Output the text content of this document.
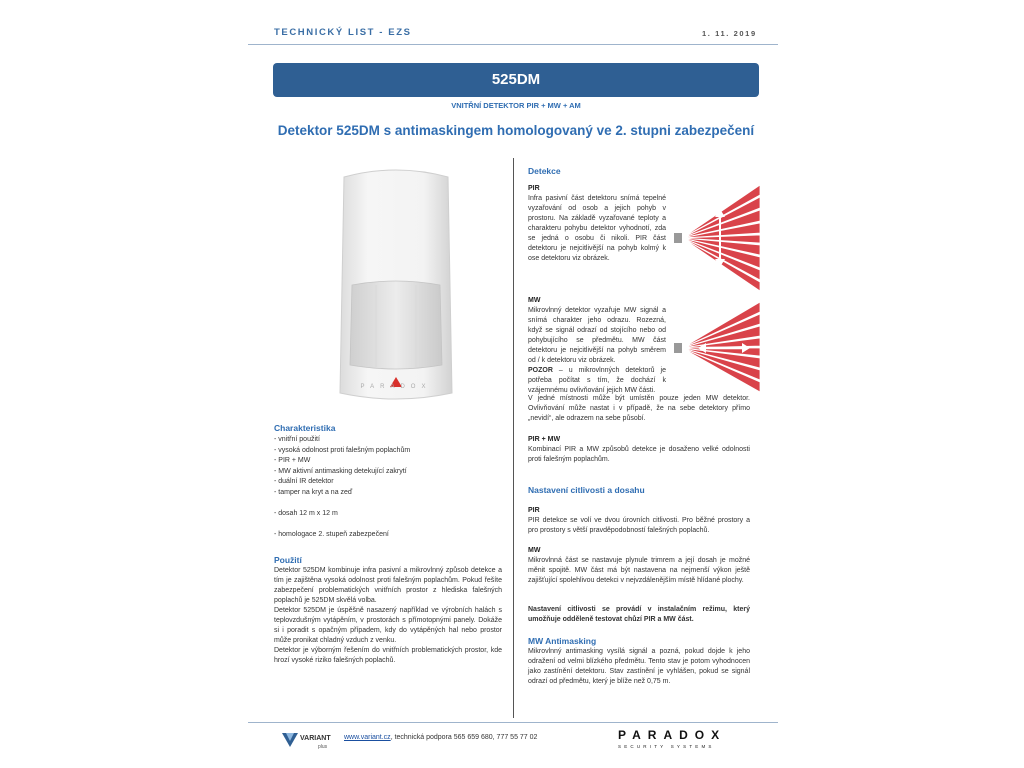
TECHNICKÝ LIST - EZS	1. 11. 2019
525DM
VNITŘNÍ DETEKTOR PIR + MW + AM
Detektor 525DM s antimaskingem homologovaný ve 2. stupni zabezpečení
PARADOX
Charakteristika
- vnitřní použití
- vysoká odolnost proti falešným poplachům
- PIR + MW
- MW aktivní antimasking detekující zakrytí
- duální IR detektor
- tamper na kryt a na zeď

- dosah 12 m x 12 m

- homologace 2. stupeň zabezpečení
Použití
Detektor 525DM kombinuje infra pasivní a mikrovlnný způsob detekce a tím je zajištěna vysoká odolnost proti falešným poplachům. Pokud řešíte zabezpečení problematických vnitřních prostor z hlediska falešných poplachů je 525DM skvělá volba.
Detektor 525DM je úspěšně nasazený například ve výrobních halách s teplovzdušným vytápěním, v prostorách s přímotopnými panely. Dokáže si i poradit s opačným případem, kdy do vytápěných hal nebo prostor může pronikat chladný vzduch z venku.
Detektor je výborným řešením do vnitřních problematických prostor, kde hrozí vysoké riziko falešných poplachů.
Detekce
PIR
Infra pasivní část detektoru snímá tepelné vyzařování od osob a jejich pohyb v prostoru. Na základě vyzařované teploty a charakteru pohybu detektor vyhodnotí, zda se jedná o osobu či nikoli. PIR část detektoru je nejcitlivější na pohyb kolmý k ose detektoru viz obrázek.
MW
Mikrovlnný detektor vyzařuje MW signál a snímá charakter jeho odrazu. Rozezná, když se signál odrazí od stojícího nebo od pohybujícího se předmětu. MW část detektoru je nejcitlivější na pohyb směrem od / k detektoru viz obrázek.
POZOR – u mikrovlnných detektorů je potřeba počítat s tím, že dochází k vzájemnému ovlivňování jejich MW části.
V jedné místnosti může být umístěn pouze jeden MW detektor. Ovlivňování může nastat i v případě, že na sebe detektory přímo „nevidí“, ale odrazem na sebe působí.
PIR + MW
Kombinací PIR a MW způsobů detekce je dosaženo velké odolnosti proti falešným poplachům.
Nastavení citlivosti a dosahu
PIR
PIR detekce se volí ve dvou úrovních citlivosti. Pro běžné prostory a pro prostory s větší pravděpodobností falešných poplachů.
MW
Mikrovlnná část se nastavuje plynule trimrem a její dosah je možné měnit spojitě. MW část má být nastavena na nejmenší výkon ještě zajišťující spolehlivou detekci v nejvzdálenějším místě hlídané plochy.
Nastavení citlivosti se provádí v instalačním režimu, který umožňuje odděleně testovat chůzí PIR a MW část.
MW Antimasking
Mikrovlnný antimasking vysílá signál a pozná, pokud dojde k jeho odražení od velmi blízkého předmětu. Tento stav je potom vyhodnocen jako zastínění detektoru. Stav zastínění je vyhlášen, pokud se signál odrazí od předmětu, který je blíže než 0,75 m.
VARIANT
plus
www.variant.cz, technická podpora 565 659 680, 777 55 77 02	PARADOX
SECURITY SYSTEMS
